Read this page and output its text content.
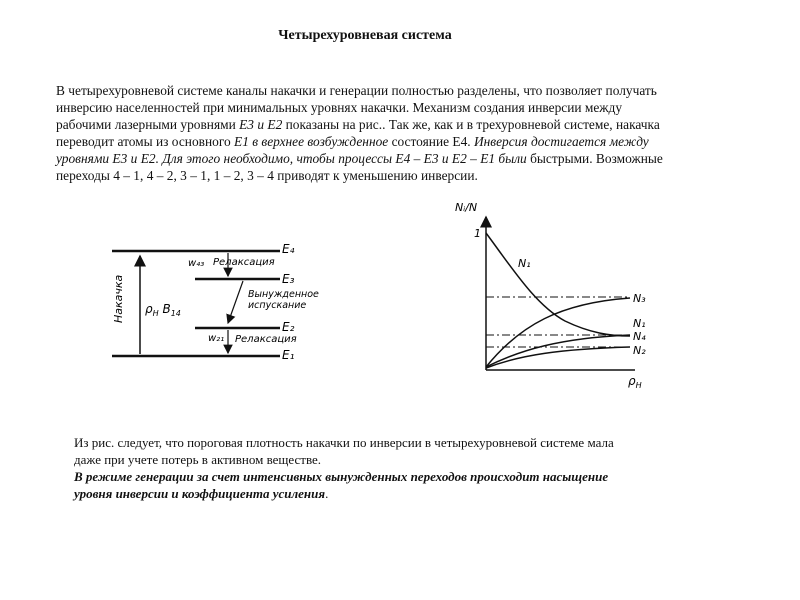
Четырехуровневая система

В четырехуровневой системе каналы накачки и генерации полностью разделены, что позволяет получать

инверсию населенностей при минимальных уровнях накачки. Механизм создания инверсии между

рабочими лазерными уровнями Е3 и Е2 показаны на рис.. Так же, как и в трехуровневой системе, накачка

переводит атомы из основного Е1 в верхнее возбужденное состояние Е4. Инверсия достигается между

уровнями Е3 и Е2. Для этого необходимо, чтобы процессы Е4 – Е3 и Е2 – Е1 были быстрыми. Возможные

переходы 4 – 1, 4 – 2, 3 – 1, 1 – 2, 3 – 4 приводят к уменьшению инверсии.

E₄
E₃
E₂
E₁
Накачка $\rho_H$ $B_{14}$
w₄₃ Релаксация
Вынужденное
испускание
w₂₁ Релаксация
Nᵢ/N
1
$\rho_H$
N₁
N₃
N₁
N₄
N₂

Из рис. следует, что пороговая плотность накачки по инверсии в четырехуровневой системе мала

даже при учете потерь в активном веществе.

В режиме генерации за счет интенсивных вынужденных переходов происходит насыщение

уровня инверсии и коэффициента усиления.
